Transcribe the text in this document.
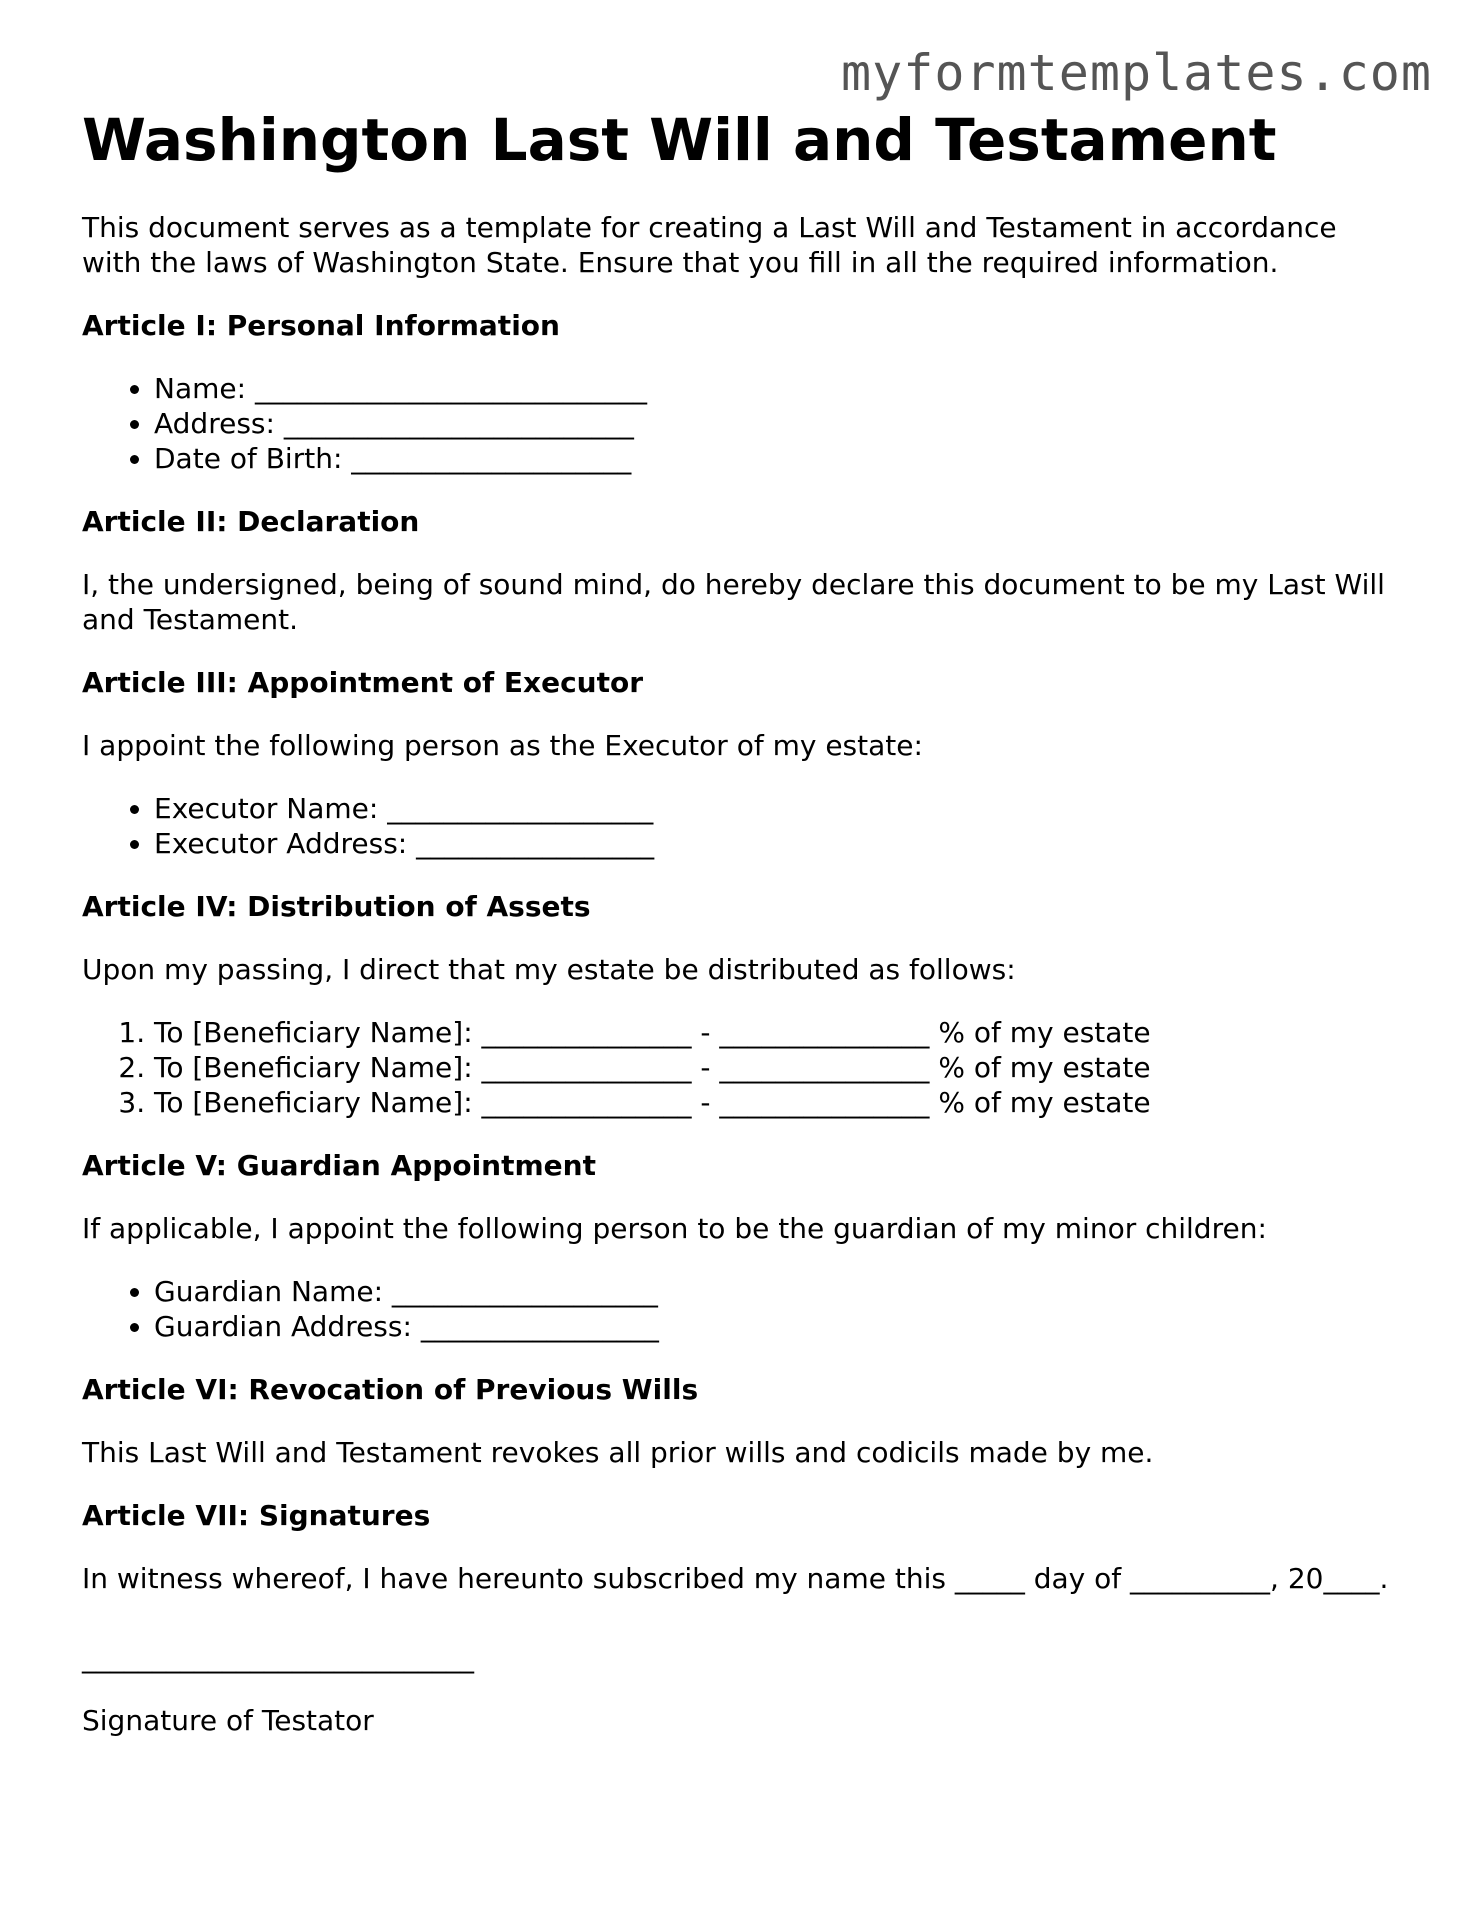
myformtemplates.com
Washington Last Will and Testament

This document serves as a template for creating a Last Will and Testament in accordance with the laws of Washington State. Ensure that you fill in all the required information.

Article I: Personal Information
• Name: ____________________________
• Address: _________________________
• Date of Birth: ____________________
Article II: Declaration

I, the undersigned, being of sound mind, do hereby declare this document to be my Last Will and Testament.

Article III: Appointment of Executor

I appoint the following person as the Executor of my estate:

• Executor Name: ___________________
• Executor Address: _________________
Article IV: Distribution of Assets

Upon my passing, I direct that my estate be distributed as follows:

1. To [Beneficiary Name]: _______________ - _______________ % of my estate
2. To [Beneficiary Name]: _______________ - _______________ % of my estate
3. To [Beneficiary Name]: _______________ - _______________ % of my estate
Article V: Guardian Appointment

If applicable, I appoint the following person to be the guardian of my minor children:

• Guardian Name: ___________________
• Guardian Address: _________________
Article VI: Revocation of Previous Wills

This Last Will and Testament revokes all prior wills and codicils made by me.

Article VII: Signatures

In witness whereof, I have hereunto subscribed my name this _____ day of __________, 20____.

____________________________

Signature of Testator
